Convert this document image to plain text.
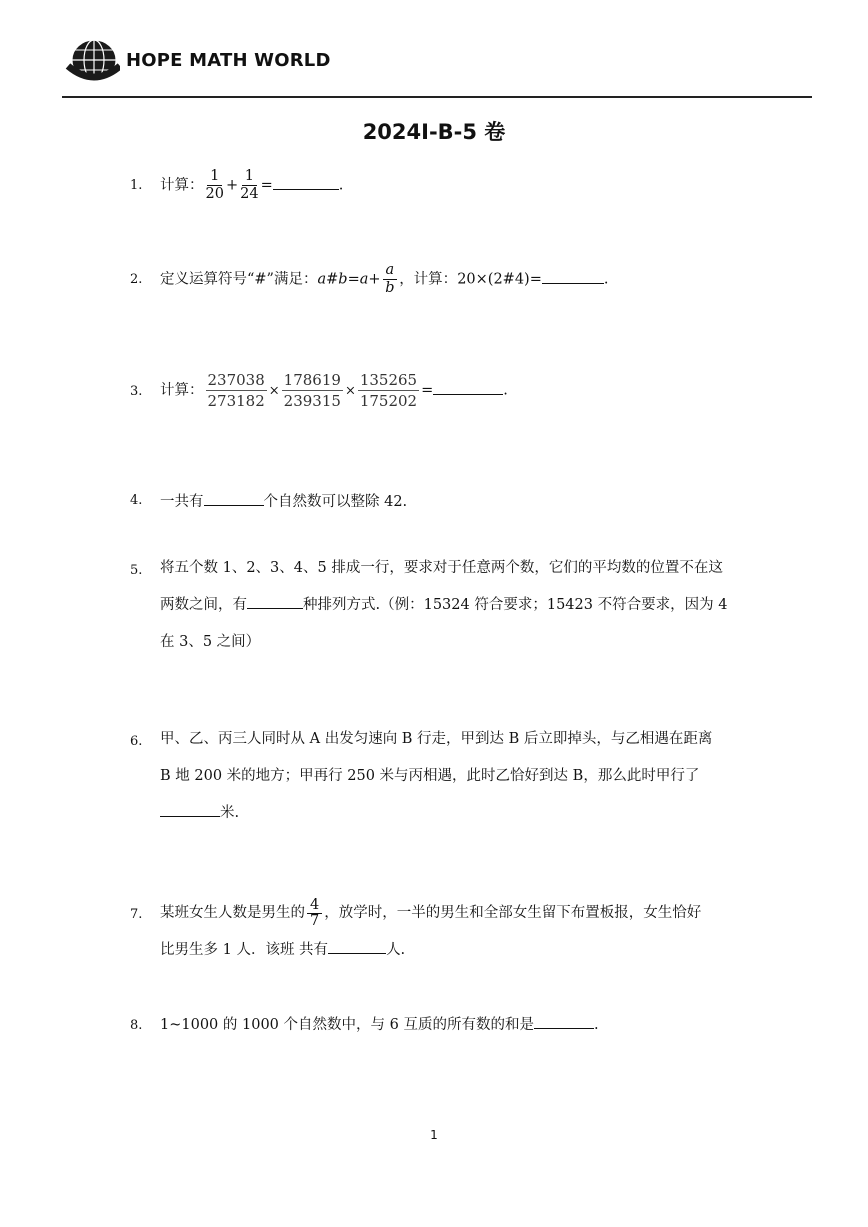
HOPE MATH WORLD
2024I-B-5 卷
1. 计算： $\frac{1}{20} + \frac{1}{24}$ =	.
2. 定义运算符号“#”满足：a#b=a+ $\frac{a}{b}$ ，计算：20×(2#4)=	.
3. 计算： $\frac{237038}{273182} \times \frac{178619}{239315} \times \frac{135265}{175202}$ =	.
4. 一共有	个自然数可以整除 42.
5. 将五个数 1、2、3、4、5 排成一行，要求对于任意两个数，它们的平均数的位置不在这
两数之间，有	种排列方式.（例：15324 符合要求；15423 不符合要求，因为 4
在 3、5 之间）
6. 甲、乙、丙三人同时从 A 出发匀速向 B 行走，甲到达 B 后立即掉头，与乙相遇在距离
B 地 200 米的地方；甲再行 250 米与丙相遇，此时乙恰好到达 B，那么此时甲行了
米.
7. 某班女生人数是男生的 $\frac{4}{7}$ ，放学时，一半的男生和全部女生留下布置板报，女生恰好
比男生多 1 人．该班 共有	人.
8. 1~1000 的 1000 个自然数中，与 6 互质的所有数的和是	.
1
